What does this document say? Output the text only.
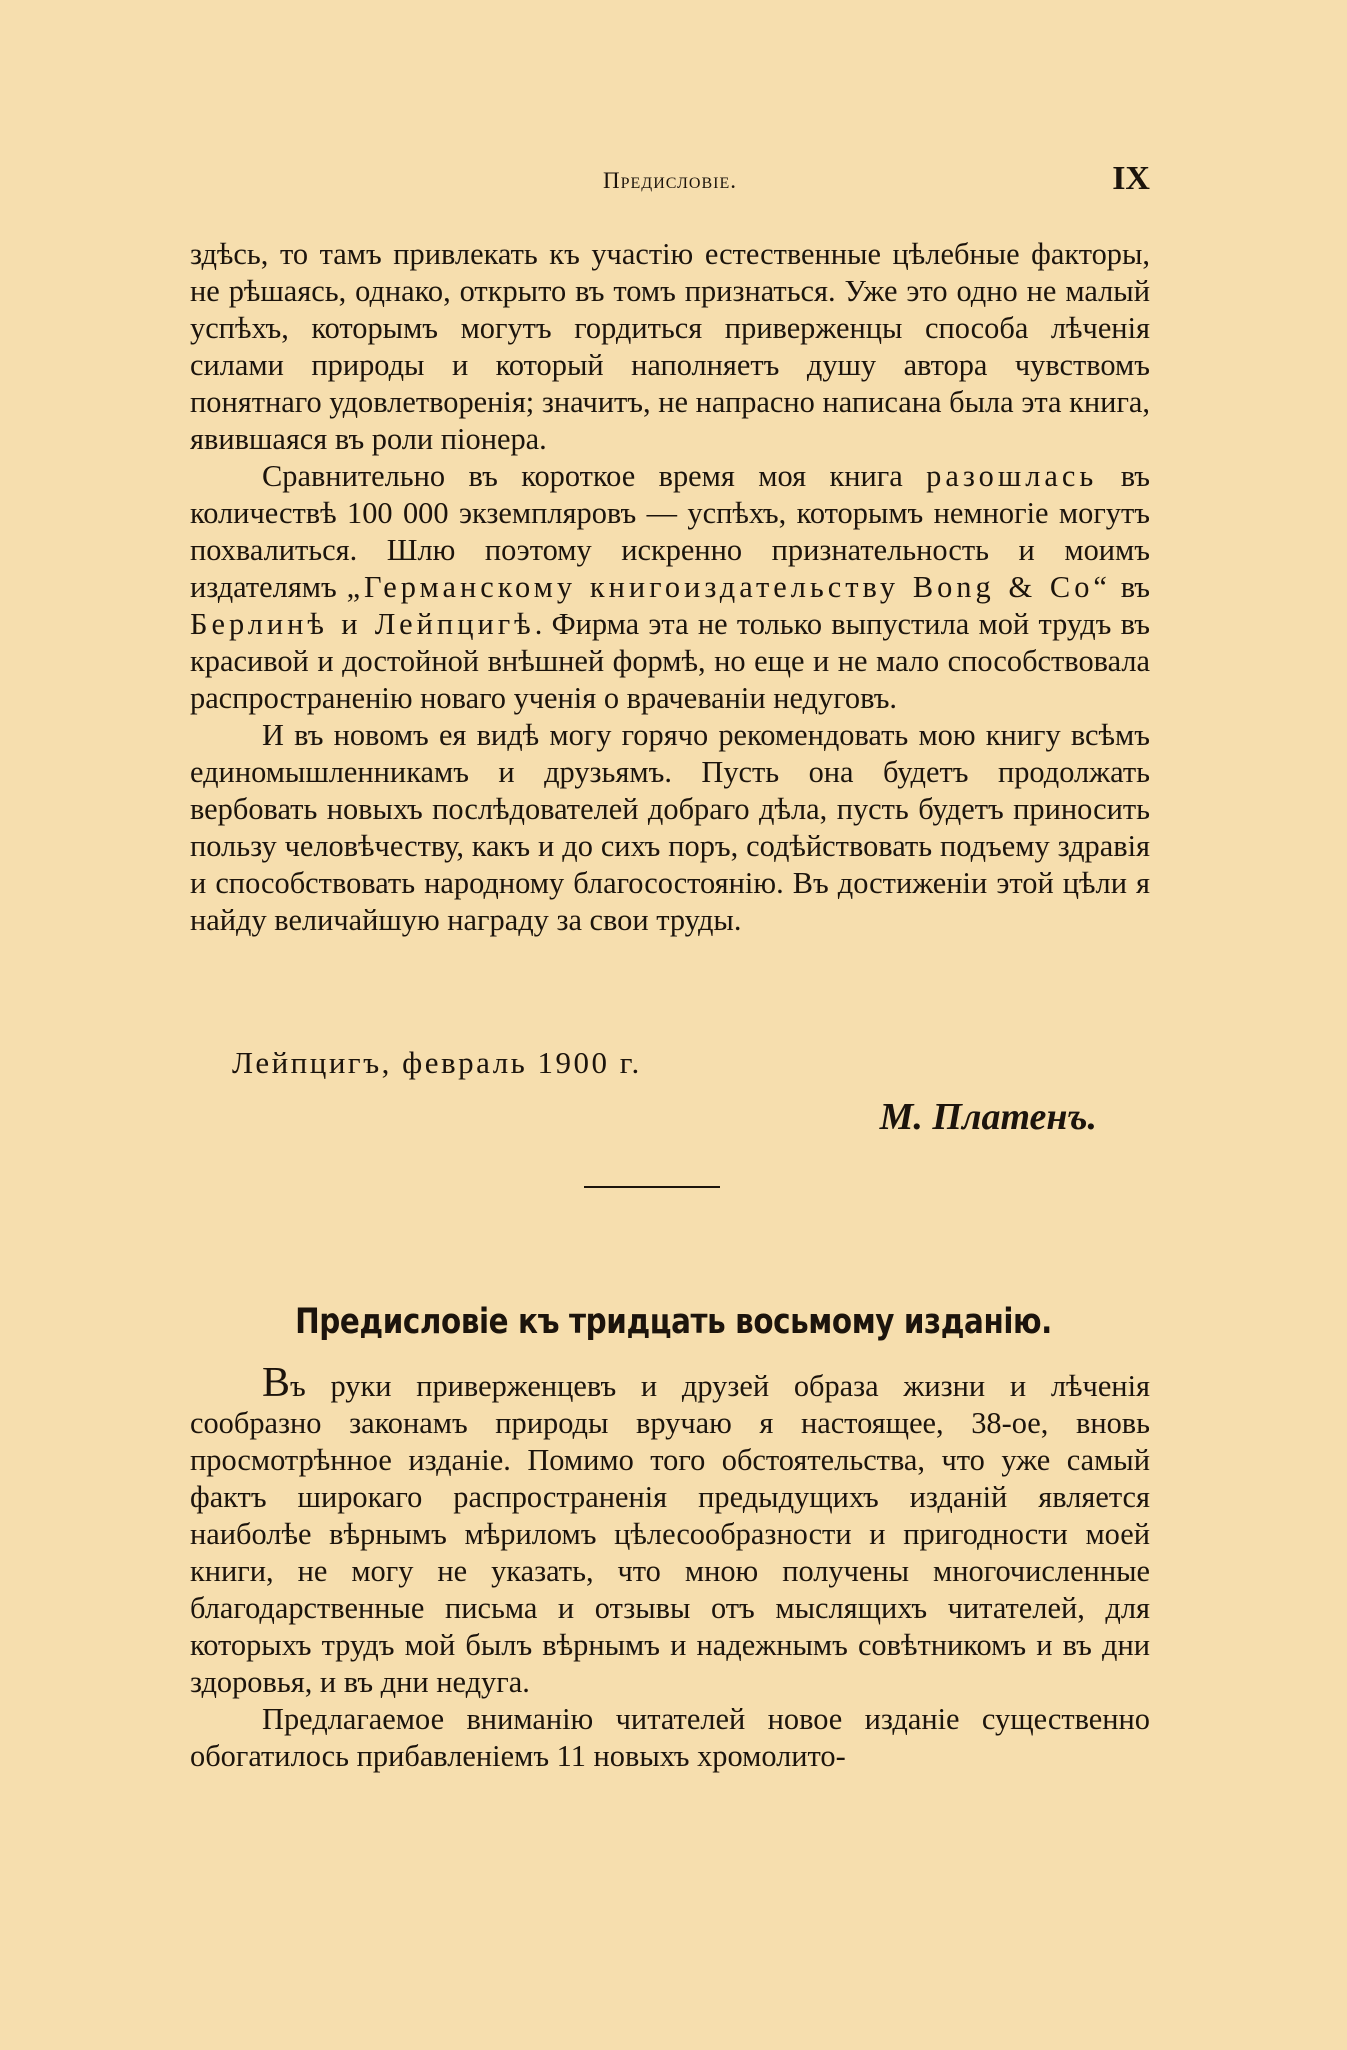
Предисловіе.	IX

здѣсь, то тамъ привлекать къ участію естественные цѣлебные факторы, не рѣшаясь, однако, открыто въ томъ признаться. Уже это одно не малый успѣхъ, которымъ могутъ гордиться приверженцы способа лѣченія силами природы и который наполняетъ душу автора чувствомъ понятнаго удовлетворенія; значитъ, не напрасно написана была эта книга, явившаяся въ роли піонера.

Сравнительно въ короткое время моя книга разошлась въ количествѣ 100 000 экземпляровъ — успѣхъ, которымъ немногіе могутъ похвалиться. Шлю поэтому искренно признательность и моимъ издателямъ „Германскому книгоиздательству Bong & Co“ въ Берлинѣ и Лейпцигѣ. Фирма эта не только выпустила мой трудъ въ красивой и достойной внѣшней формѣ, но еще и не мало способствовала распространенію новаго ученія о врачеваніи недуговъ.

И въ новомъ ея видѣ могу горячо рекомендовать мою книгу всѣмъ единомышленникамъ и друзьямъ. Пусть она будетъ продолжать вербовать новыхъ послѣдователей добраго дѣла, пусть будетъ приносить пользу человѣчеству, какъ и до сихъ поръ, содѣйствовать подъему здравія и способствовать народному благосостоянію. Въ достиженіи этой цѣли я найду величайшую награду за свои труды.

Лейпцигъ, февраль 1900 г.
М. Платенъ.
Предисловіе къ тридцать восьмому изданію.

Въ руки приверженцевъ и друзей образа жизни и лѣченія сообразно законамъ природы вручаю я настоящее, 38-ое, вновь просмотрѣнное изданіе. Помимо того обстоятельства, что уже самый фактъ широкаго распространенія предыдущихъ изданій является наиболѣе вѣрнымъ мѣриломъ цѣлесообразности и пригодности моей книги, не могу не указать, что мною получены многочисленные благодарственные письма и отзывы отъ мыслящихъ читателей, для которыхъ трудъ мой былъ вѣрнымъ и надежнымъ совѣтникомъ и въ дни здоровья, и въ дни недуга.

Предлагаемое вниманію читателей новое изданіе существенно обогатилось прибавленіемъ 11 новыхъ хромолито-
